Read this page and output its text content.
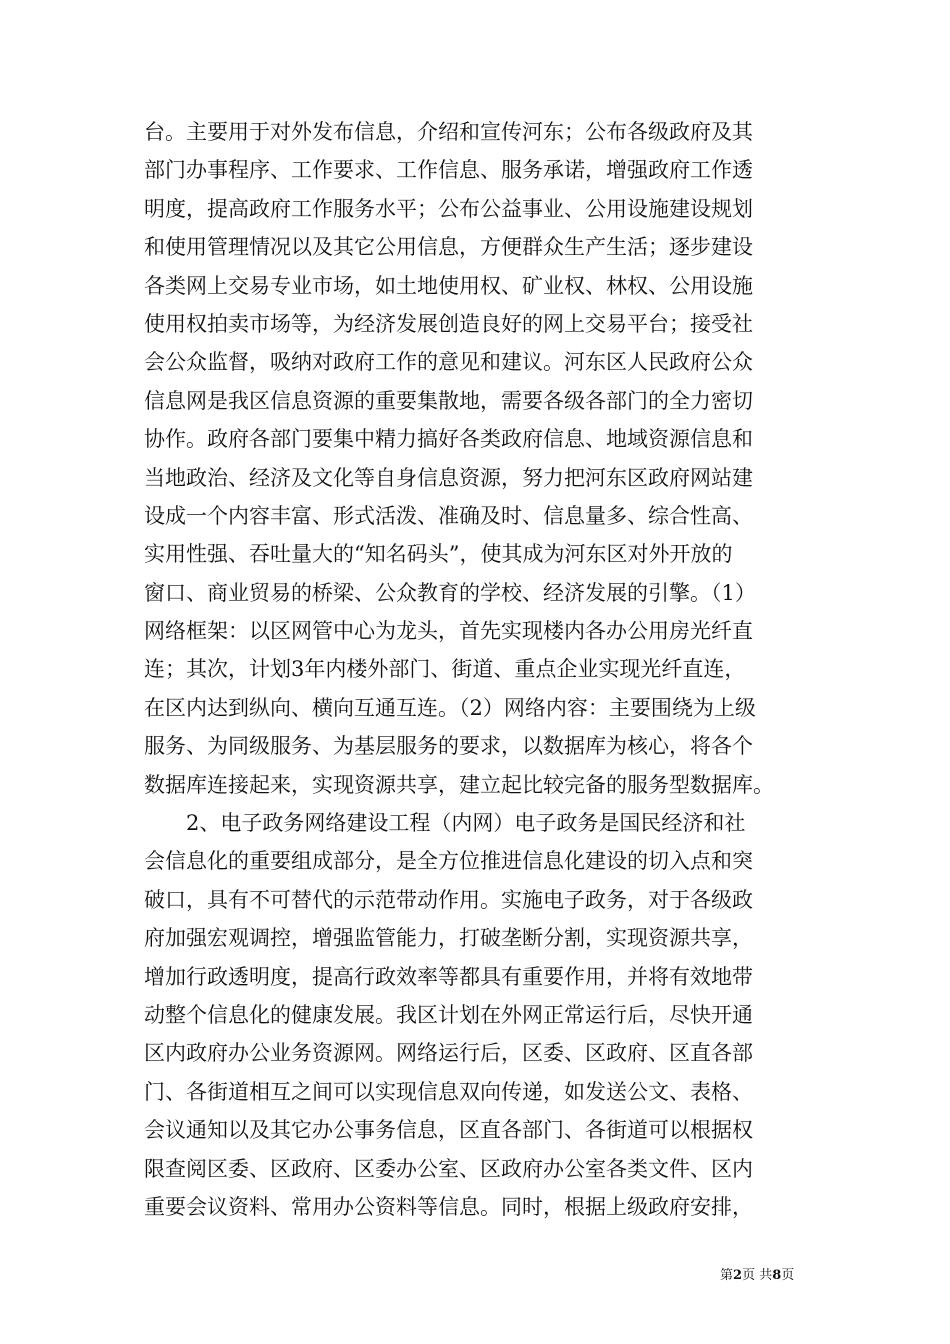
台。主要用于对外发布信息，介绍和宣传河东；公布各级政府及其
部门办事程序、工作要求、工作信息、服务承诺，增强政府工作透
明度，提高政府工作服务水平；公布公益事业、公用设施建设规划
和使用管理情况以及其它公用信息，方便群众生产生活；逐步建设
各类网上交易专业市场，如土地使用权、矿业权、林权、公用设施
使用权拍卖市场等，为经济发展创造良好的网上交易平台；接受社
会公众监督，吸纳对政府工作的意见和建议。河东区人民政府公众
信息网是我区信息资源的重要集散地，需要各级各部门的全力密切
协作。政府各部门要集中精力搞好各类政府信息、地域资源信息和
当地政治、经济及文化等自身信息资源，努力把河东区政府网站建
设成一个内容丰富、形式活泼、准确及时、信息量多、综合性高、
实用性强、吞吐量大的“知名码头”，使其成为河东区对外开放的
窗口、商业贸易的桥梁、公众教育的学校、经济发展的引擎。（1）
网络框架：以区网管中心为龙头，首先实现楼内各办公用房光纤直
连；其次，计划3年内楼外部门、街道、重点企业实现光纤直连，
在区内达到纵向、横向互通互连。（2）网络内容：主要围绕为上级
服务、为同级服务、为基层服务的要求，以数据库为核心，将各个
数据库连接起来，实现资源共享，建立起比较完备的服务型数据库。
2、电子政务网络建设工程（内网）电子政务是国民经济和社
会信息化的重要组成部分，是全方位推进信息化建设的切入点和突
破口，具有不可替代的示范带动作用。实施电子政务，对于各级政
府加强宏观调控，增强监管能力，打破垄断分割，实现资源共享，
增加行政透明度，提高行政效率等都具有重要作用，并将有效地带
动整个信息化的健康发展。我区计划在外网正常运行后，尽快开通
区内政府办公业务资源网。网络运行后，区委、区政府、区直各部
门、各街道相互之间可以实现信息双向传递，如发送公文、表格、
会议通知以及其它办公事务信息，区直各部门、各街道可以根据权
限查阅区委、区政府、区委办公室、区政府办公室各类文件、区内
重要会议资料、常用办公资料等信息。同时，根据上级政府安排，
第2页 共8页
